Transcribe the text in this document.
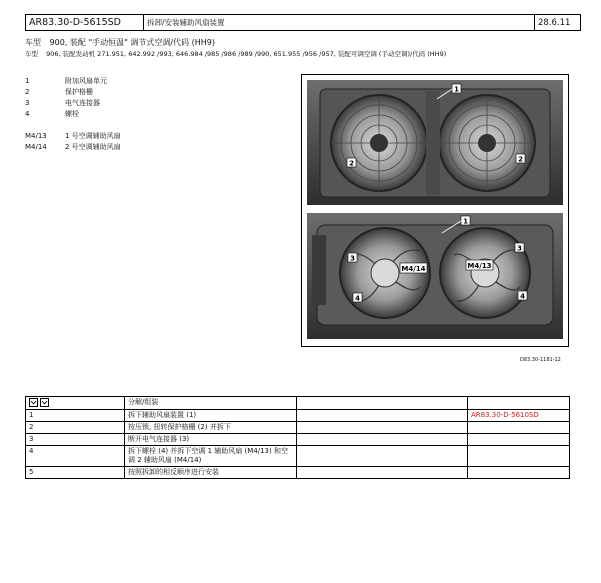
AR83.30-D-5615SD	拆卸/安装辅助风扇装置	28.6.11
车型 900, 装配 "手动恒温" 调节式空调/代码 (HH9)
车型 906, 装配发动机 271.951, 642.992 /993, 646.984 /985 /986 /989 /990, 651.955 /956 /957, 装配可调空调 (手动空调)/代码 (HH9)
1	附加风扇单元
2	保护格栅
3	电气连接器
4	螺栓
M4/13	1 号空调辅助风扇
M4/14	2 号空调辅助风扇
1
2	2
1
3
3
M4/14	M4/13
4	4
D83.30-1181-12
	分解/组装		
1	拆下辅助风扇装置 (1)		AR83.30-D-5610SD
2	按压锁, 扭转保护格栅 (2) 并拆下		
3	断开电气连接器 (3)		
4	拆下螺栓 (4) 并拆下空调 1 辅助风扇 (M4/13) 和空调 2 辅助风扇 (M4/14)		
5	按照拆卸的相反顺序进行安装		
